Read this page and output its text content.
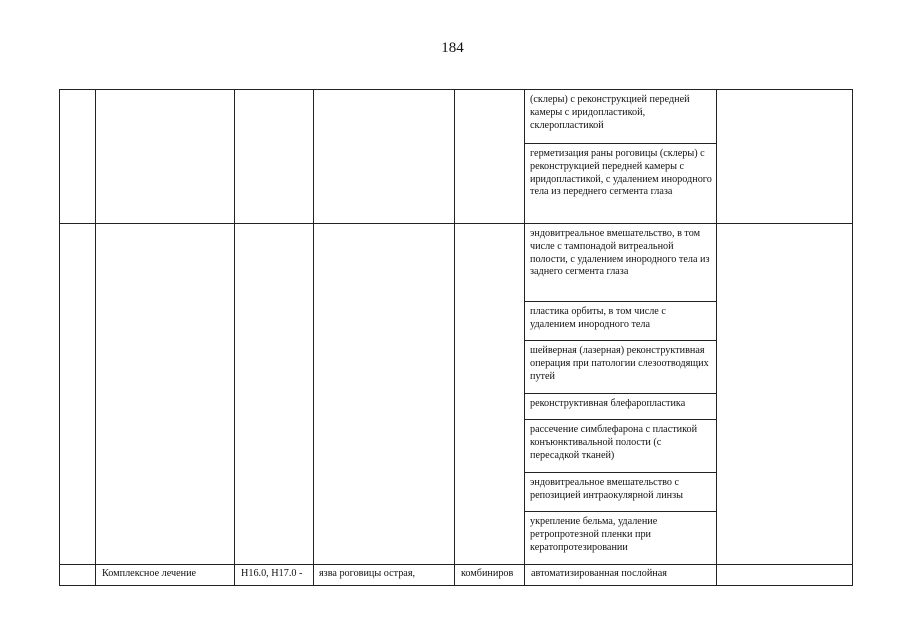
184
					(склеры) с реконструкцией передней камеры с иридопластикой, склеропластикой	
					герметизация раны роговицы (склеры) с реконструкцией передней камеры с иридопластикой, с удалением инородного тела из переднего сегмента глаза	
					эндовитреальное вмешательство, в том числе с тампонадой витреальной полости, с удалением инородного тела из заднего сегмента глаза	
					пластика орбиты, в том числе с удалением инородного тела	
					шейверная (лазерная) реконструктивная операция при патологии слезоотводящих путей	
					реконструктивная блефаропластика	
					рассечение симблефарона с пластикой конъюнктивальной полости (с пересадкой тканей)	
					эндовитреальное вмешательство с репозицией интраокулярной линзы	
					укрепление бельма, удаление ретропротезной пленки при кератопротезировании	
	Комплексное лечение	H16.0, H17.0 -	язва роговицы острая,	комбиниров	автоматизированная послойная	
